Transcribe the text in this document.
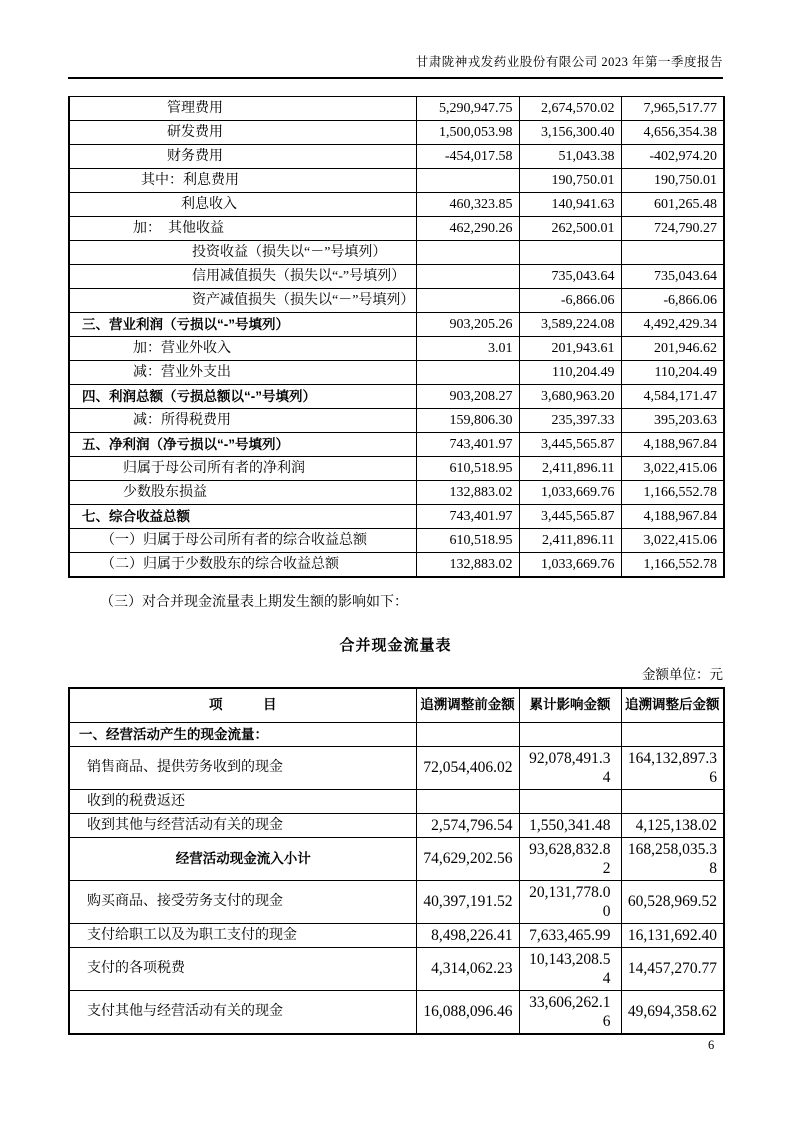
甘肃陇神戎发药业股份有限公司 2023 年第一季度报告
管理费用	5,290,947.75	2,674,570.02	7,965,517.77
研发费用	1,500,053.98	3,156,300.40	4,656,354.38
财务费用	-454,017.58	51,043.38	-402,974.20
其中：利息费用		190,750.01	190,750.01
利息收入	460,323.85	140,941.63	601,265.48
加：　其他收益	462,290.26	262,500.01	724,790.27
投资收益（损失以“－”号填列）			
信用减值损失（损失以“-”号填列）		735,043.64	735,043.64
资产减值损失（损失以“－”号填列）		-6,866.06	-6,866.06
三、营业利润（亏损以“-”号填列）	903,205.26	3,589,224.08	4,492,429.34
加：营业外收入	3.01	201,943.61	201,946.62
减：营业外支出		110,204.49	110,204.49
四、利润总额（亏损总额以“-”号填列）	903,208.27	3,680,963.20	4,584,171.47
减：所得税费用	159,806.30	235,397.33	395,203.63
五、净利润（净亏损以“-”号填列）	743,401.97	3,445,565.87	4,188,967.84
归属于母公司所有者的净利润	610,518.95	2,411,896.11	3,022,415.06
少数股东损益	132,883.02	1,033,669.76	1,166,552.78
七、综合收益总额	743,401.97	3,445,565.87	4,188,967.84
（一）归属于母公司所有者的综合收益总额	610,518.95	2,411,896.11	3,022,415.06
（二）归属于少数股东的综合收益总额	132,883.02	1,033,669.76	1,166,552.78
（三）对合并现金流量表上期发生额的影响如下：
合并现金流量表
金额单位：元
项　　　目	追溯调整前金额	累计影响金额	追溯调整后金额
一、经营活动产生的现金流量：			
销售商品、提供劳务收到的现金	72,054,406.02	92,078,491.34	164,132,897.36
收到的税费返还			
收到其他与经营活动有关的现金	2,574,796.54	1,550,341.48	4,125,138.02
经营活动现金流入小计	74,629,202.56	93,628,832.82	168,258,035.38
购买商品、接受劳务支付的现金	40,397,191.52	20,131,778.00	60,528,969.52
支付给职工以及为职工支付的现金	8,498,226.41	7,633,465.99	16,131,692.40
支付的各项税费	4,314,062.23	10,143,208.54	14,457,270.77
支付其他与经营活动有关的现金	16,088,096.46	33,606,262.16	49,694,358.62
6
